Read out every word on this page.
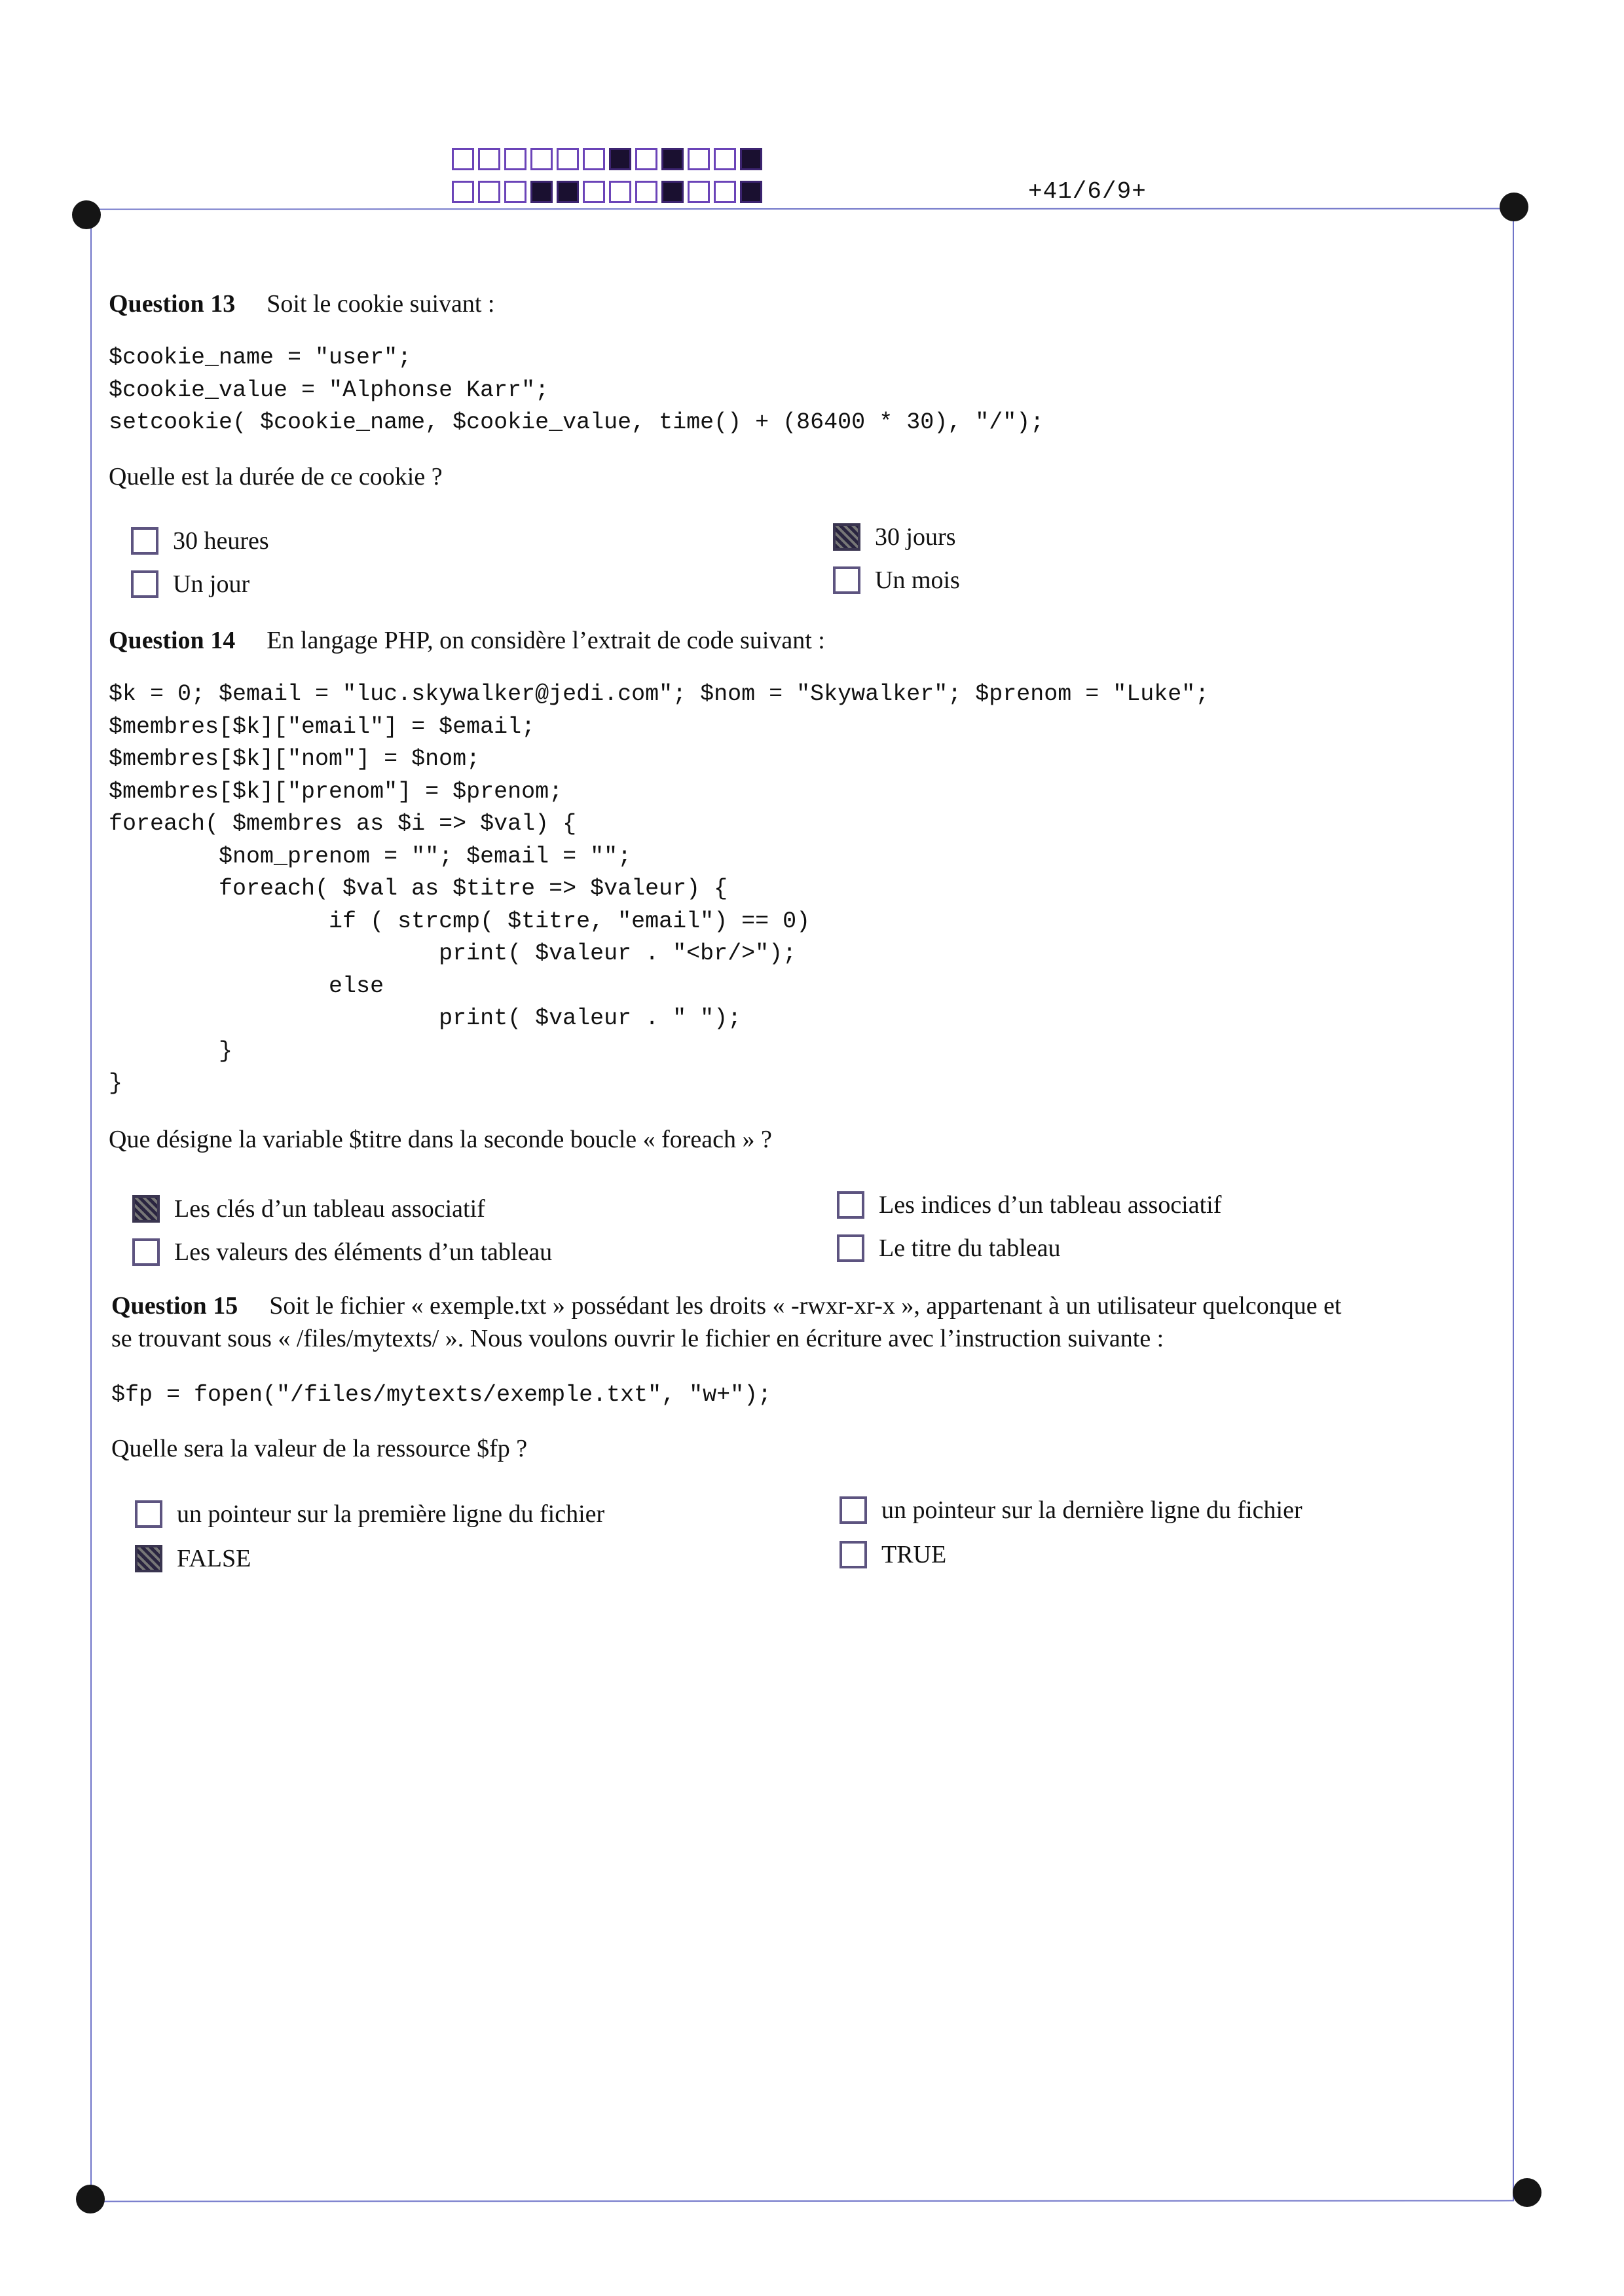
+41/6/9+
Question 13 Soit le cookie suivant :
$cookie_name = "user";
$cookie_value = "Alphonse Karr";
setcookie( $cookie_name, $cookie_value, time() + (86400 * 30), "/");
Quelle est la durée de ce cookie ?
30 heures	30 jours
Un jour	Un mois
Question 14 En langage PHP, on considère l’extrait de code suivant :
$k = 0; $email = "luc.skywalker@jedi.com"; $nom = "Skywalker"; $prenom = "Luke";
$membres[$k]["email"] = $email;
$membres[$k]["nom"] = $nom;
$membres[$k]["prenom"] = $prenom;
foreach( $membres as $i => $val) {
$nom_prenom = ""; $email = "";
foreach( $val as $titre => $valeur) {
if ( strcmp( $titre, "email") == 0)
print( $valeur . "<br/>");
else
print( $valeur . " ");
}
}
Que désigne la variable $titre dans la seconde boucle « foreach » ?
Les clés d’un tableau associatif	Les indices d’un tableau associatif
Les valeurs des éléments d’un tableau	Le titre du tableau
Question 15 Soit le fichier « exemple.txt » possédant les droits « -rwxr-xr-x », appartenant à un utilisateur quelconque et
se trouvant sous « /files/mytexts/ ». Nous voulons ouvrir le fichier en écriture avec l’instruction suivante :
$fp = fopen("/files/mytexts/exemple.txt", "w+");
Quelle sera la valeur de la ressource $fp ?
un pointeur sur la première ligne du fichier	un pointeur sur la dernière ligne du fichier
FALSE	TRUE
